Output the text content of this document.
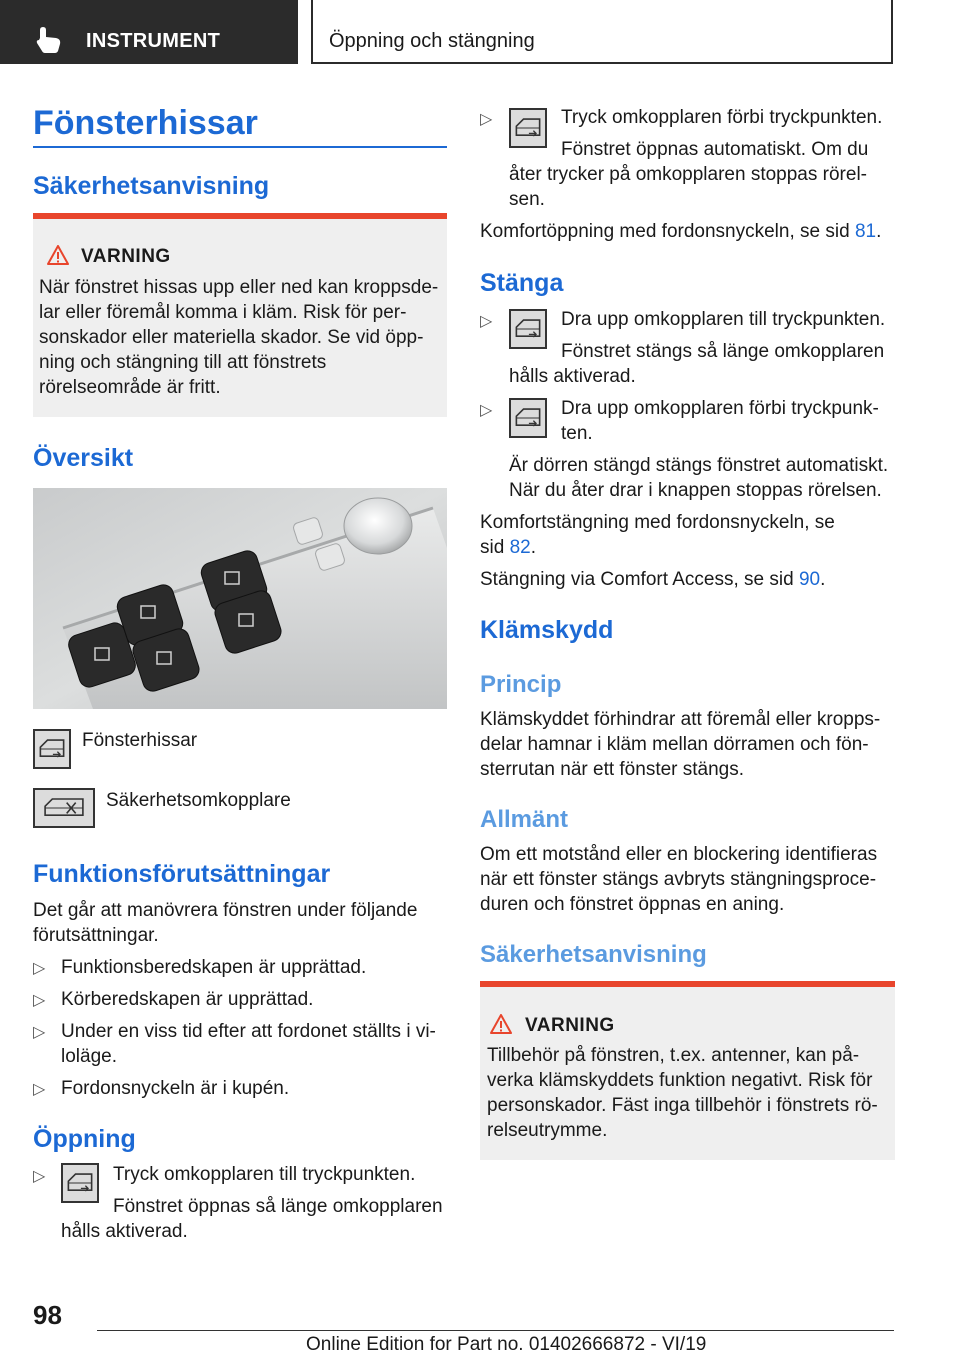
INSTRUMENT	Öppning och stängning
Fönsterhissar
Säkerhetsanvisning
VARNING
När fönstret hissas upp eller ned kan kroppsde-
lar eller föremål komma i kläm. Risk för per-
sonskador eller materiella skador. Se vid öpp-
ning och stängning till att fönstrets
rörelseområde är fritt.
Översikt
Fönsterhissar
Säkerhetsomkopplare
Funktionsförutsättningar
Det går att manövrera fönstren under följande
förutsättningar.
▷ Funktionsberedskapen är upprättad.
▷ Körberedskapen är upprättad.
▷ Under en viss tid efter att fordonet ställts i vi-
loläge.
▷ Fordonsnyckeln är i kupén.
Öppning
▷	Tryck omkopplaren till tryckpunkten.
Fönstret öppnas så länge omkopplaren
hålls aktiverad.
▷	Tryck omkopplaren förbi tryckpunkten.
Fönstret öppnas automatiskt. Om du
åter trycker på omkopplaren stoppas rörel-
sen.
Komfortöppning med fordonsnyckeln, se sid 81.
Stänga
▷	Dra upp omkopplaren till tryckpunkten.
Fönstret stängs så länge omkopplaren
hålls aktiverad.
▷	Dra upp omkopplaren förbi tryckpunk-
ten.
Är dörren stängd stängs fönstret automatiskt.
När du åter drar i knappen stoppas rörelsen.
Komfortstängning med fordonsnyckeln, se
sid 82.
Stängning via Comfort Access, se sid 90.
Klämskydd
Princip
Klämskyddet förhindrar att föremål eller kropps-
delar hamnar i kläm mellan dörramen och fön-
sterrutan när ett fönster stängs.
Allmänt
Om ett motstånd eller en blockering identifieras
när ett fönster stängs avbryts stängningsproce-
duren och fönstret öppnas en aning.
Säkerhetsanvisning
VARNING
Tillbehör på fönstren, t.ex. antenner, kan på-
verka klämskyddets funktion negativt. Risk för
personskador. Fäst inga tillbehör i fönstrets rö-
relseutrymme.
98
Online Edition for Part no. 01402666872 - VI/19
